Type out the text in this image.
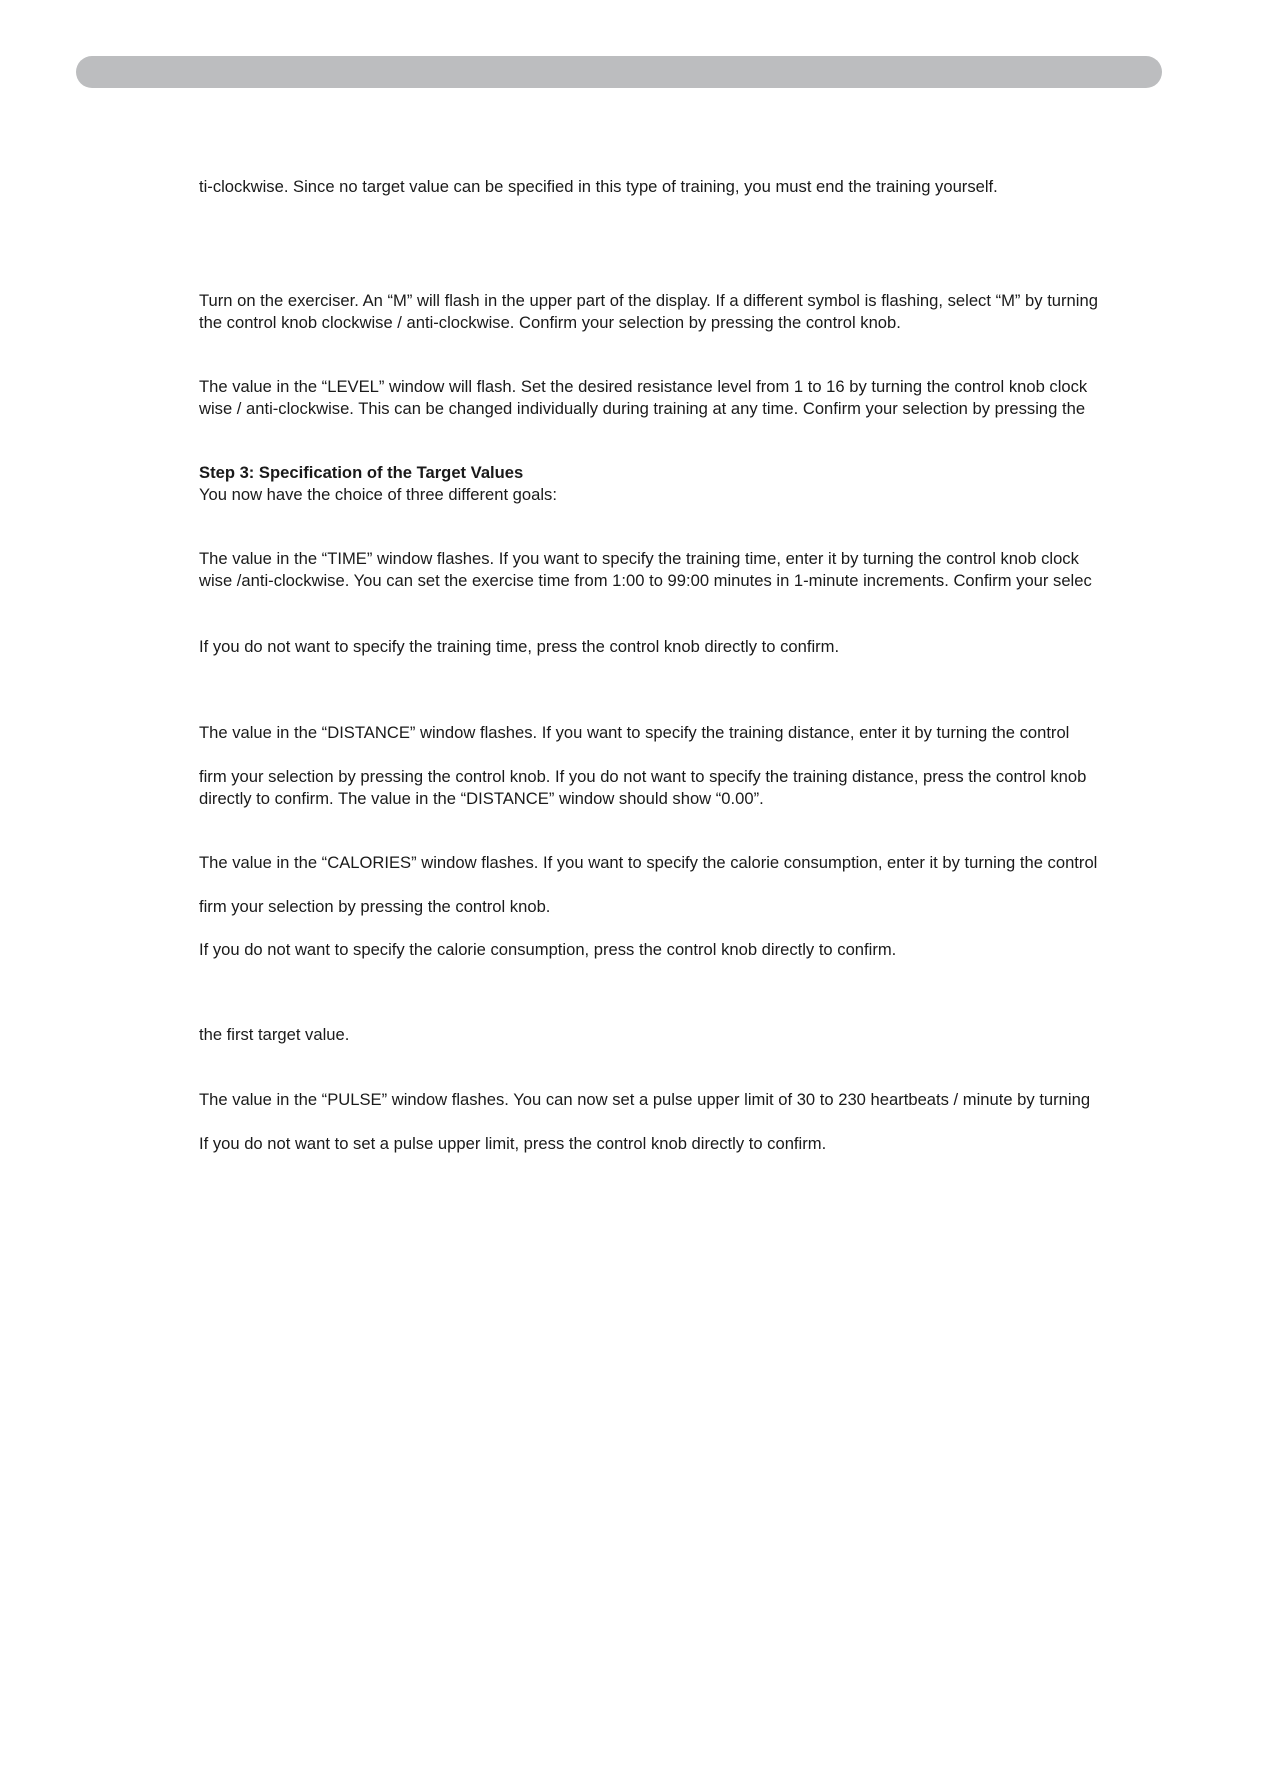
ti-clockwise. Since no target value can be specified in this type of training, you must end the training yourself.
Turn on the exerciser. An “M” will flash in the upper part of the display. If a different symbol is flashing, select “M” by turning
the control knob clockwise / anti-clockwise. Confirm your selection by pressing the control knob.
The value in the “LEVEL” window will flash. Set the desired resistance level from 1 to 16 by turning the control knob clock
wise / anti-clockwise. This can be changed individually during training at any time. Confirm your selection by pressing the
Step 3: Specification of the Target Values
You now have the choice of three different goals:
The value in the “TIME” window flashes. If you want to specify the training time, enter it by turning the control knob clock
wise /anti-clockwise. You can set the exercise time from 1:00 to 99:00 minutes in 1-minute increments. Confirm your selec
If you do not want to specify the training time, press the control knob directly to confirm.
The value in the “DISTANCE” window flashes. If you want to specify the training distance, enter it by turning the control
firm your selection by pressing the control knob. If you do not want to specify the training distance, press the control knob
directly to confirm. The value in the “DISTANCE” window should show “0.00”.
The value in the “CALORIES” window flashes. If you want to specify the calorie consumption, enter it by turning the control
firm your selection by pressing the control knob.
If you do not want to specify the calorie consumption, press the control knob directly to confirm.
the first target value.
The value in the “PULSE” window flashes. You can now set a pulse upper limit of 30 to 230 heartbeats / minute by turning
If you do not want to set a pulse upper limit, press the control knob directly to confirm.
